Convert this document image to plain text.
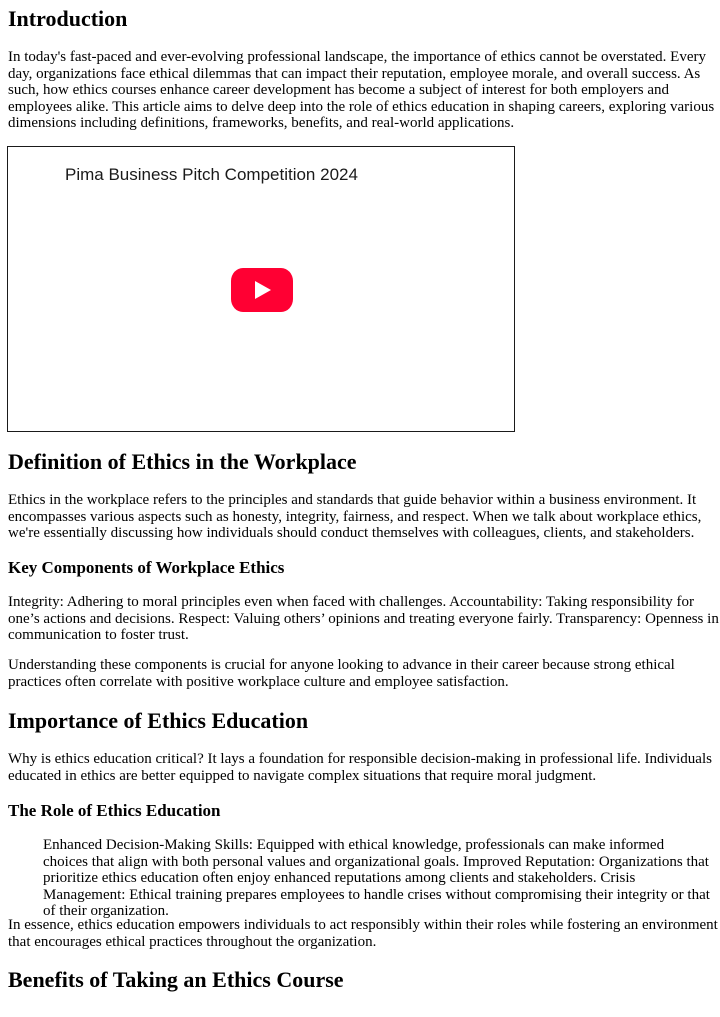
Introduction

In today's fast-paced and ever-evolving professional landscape, the importance of ethics cannot be overstated. Every day, organizations face ethical dilemmas that can impact their reputation, employee morale, and overall success. As such, how ethics courses enhance career development has become a subject of interest for both employers and employees alike. This article aims to delve deep into the role of ethics education in shaping careers, exploring various dimensions including definitions, frameworks, benefits, and real-world applications.

Pima Business Pitch Competition 2024
Definition of Ethics in the Workplace

Ethics in the workplace refers to the principles and standards that guide behavior within a business environment. It encompasses various aspects such as honesty, integrity, fairness, and respect. When we talk about workplace ethics, we're essentially discussing how individuals should conduct themselves with colleagues, clients, and stakeholders.

Key Components of Workplace Ethics

Integrity: Adhering to moral principles even when faced with challenges. Accountability: Taking responsibility for one’s actions and decisions. Respect: Valuing others’ opinions and treating everyone fairly. Transparency: Openness in communication to foster trust.

Understanding these components is crucial for anyone looking to advance in their career because strong ethical practices often correlate with positive workplace culture and employee satisfaction.

Importance of Ethics Education

Why is ethics education critical? It lays a foundation for responsible decision-making in professional life. Individuals educated in ethics are better equipped to navigate complex situations that require moral judgment.

The Role of Ethics Education
Enhanced Decision-Making Skills: Equipped with ethical knowledge, professionals can make informed choices that align with both personal values and organizational goals. Improved Reputation: Organizations that prioritize ethics education often enjoy enhanced reputations among clients and stakeholders. Crisis Management: Ethical training prepares employees to handle crises without compromising their integrity or that of their organization.

In essence, ethics education empowers individuals to act responsibly within their roles while fostering an environment that encourages ethical practices throughout the organization.

Benefits of Taking an Ethics Course
